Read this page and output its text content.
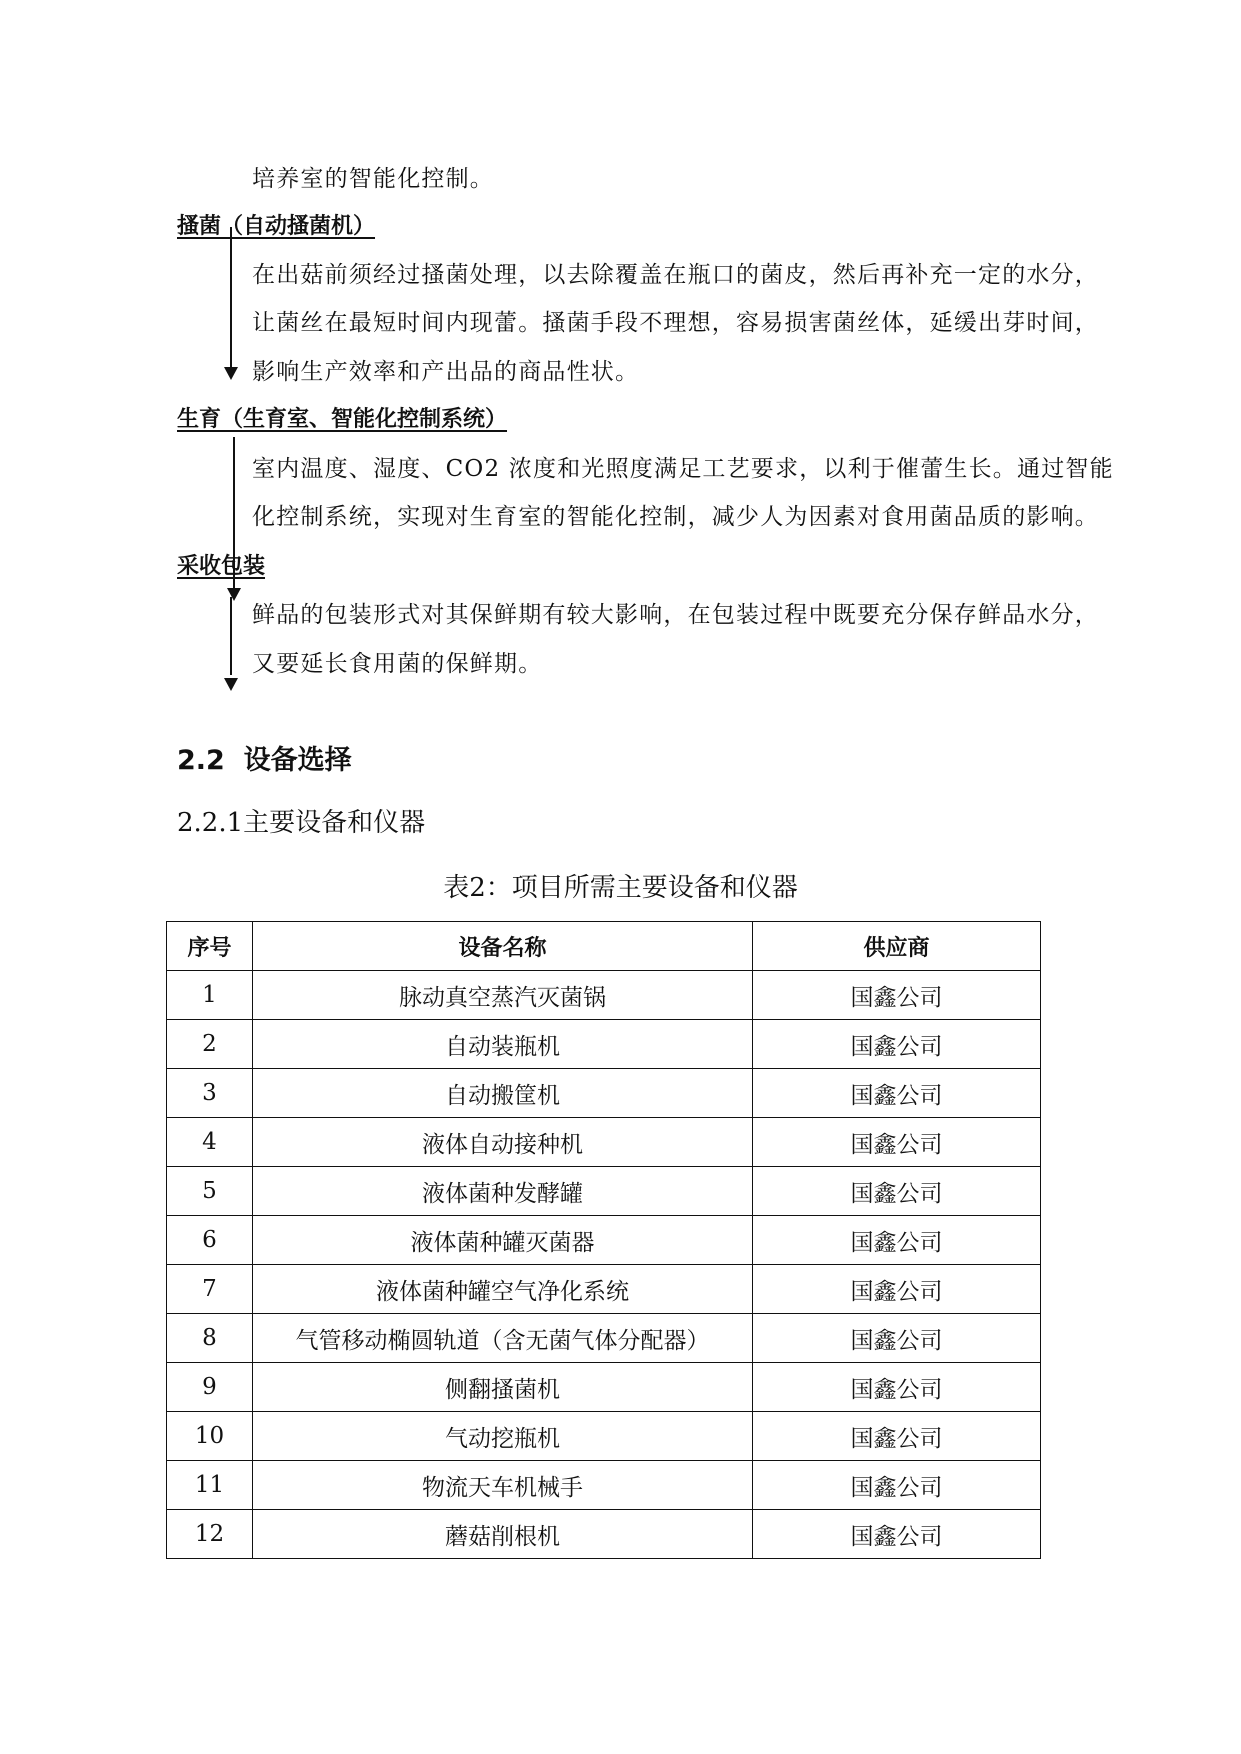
培养室的智能化控制。
搔菌（自动搔菌机）
在出菇前须经过搔菌处理，以去除覆盖在瓶口的菌皮，然后再补充一定的水分，
让菌丝在最短时间内现蕾。搔菌手段不理想，容易损害菌丝体，延缓出芽时间，
影响生产效率和产出品的商品性状。
生育（生育室、智能化控制系统）
室内温度、湿度、CO2 浓度和光照度满足工艺要求，以利于催蕾生长。通过智能
化控制系统，实现对生育室的智能化控制，减少人为因素对食用菌品质的影响。
采收包装
鲜品的包装形式对其保鲜期有较大影响，在包装过程中既要充分保存鲜品水分，
又要延长食用菌的保鲜期。
2.2 设备选择
2.2.1主要设备和仪器
表2：项目所需主要设备和仪器
序号	设备名称	供应商
1	脉动真空蒸汽灭菌锅	国鑫公司
2	自动装瓶机	国鑫公司
3	自动搬筐机	国鑫公司
4	液体自动接种机	国鑫公司
5	液体菌种发酵罐	国鑫公司
6	液体菌种罐灭菌器	国鑫公司
7	液体菌种罐空气净化系统	国鑫公司
8	气管移动椭圆轨道（含无菌气体分配器）	国鑫公司
9	侧翻搔菌机	国鑫公司
10	气动挖瓶机	国鑫公司
11	物流天车机械手	国鑫公司
12	蘑菇削根机	国鑫公司
